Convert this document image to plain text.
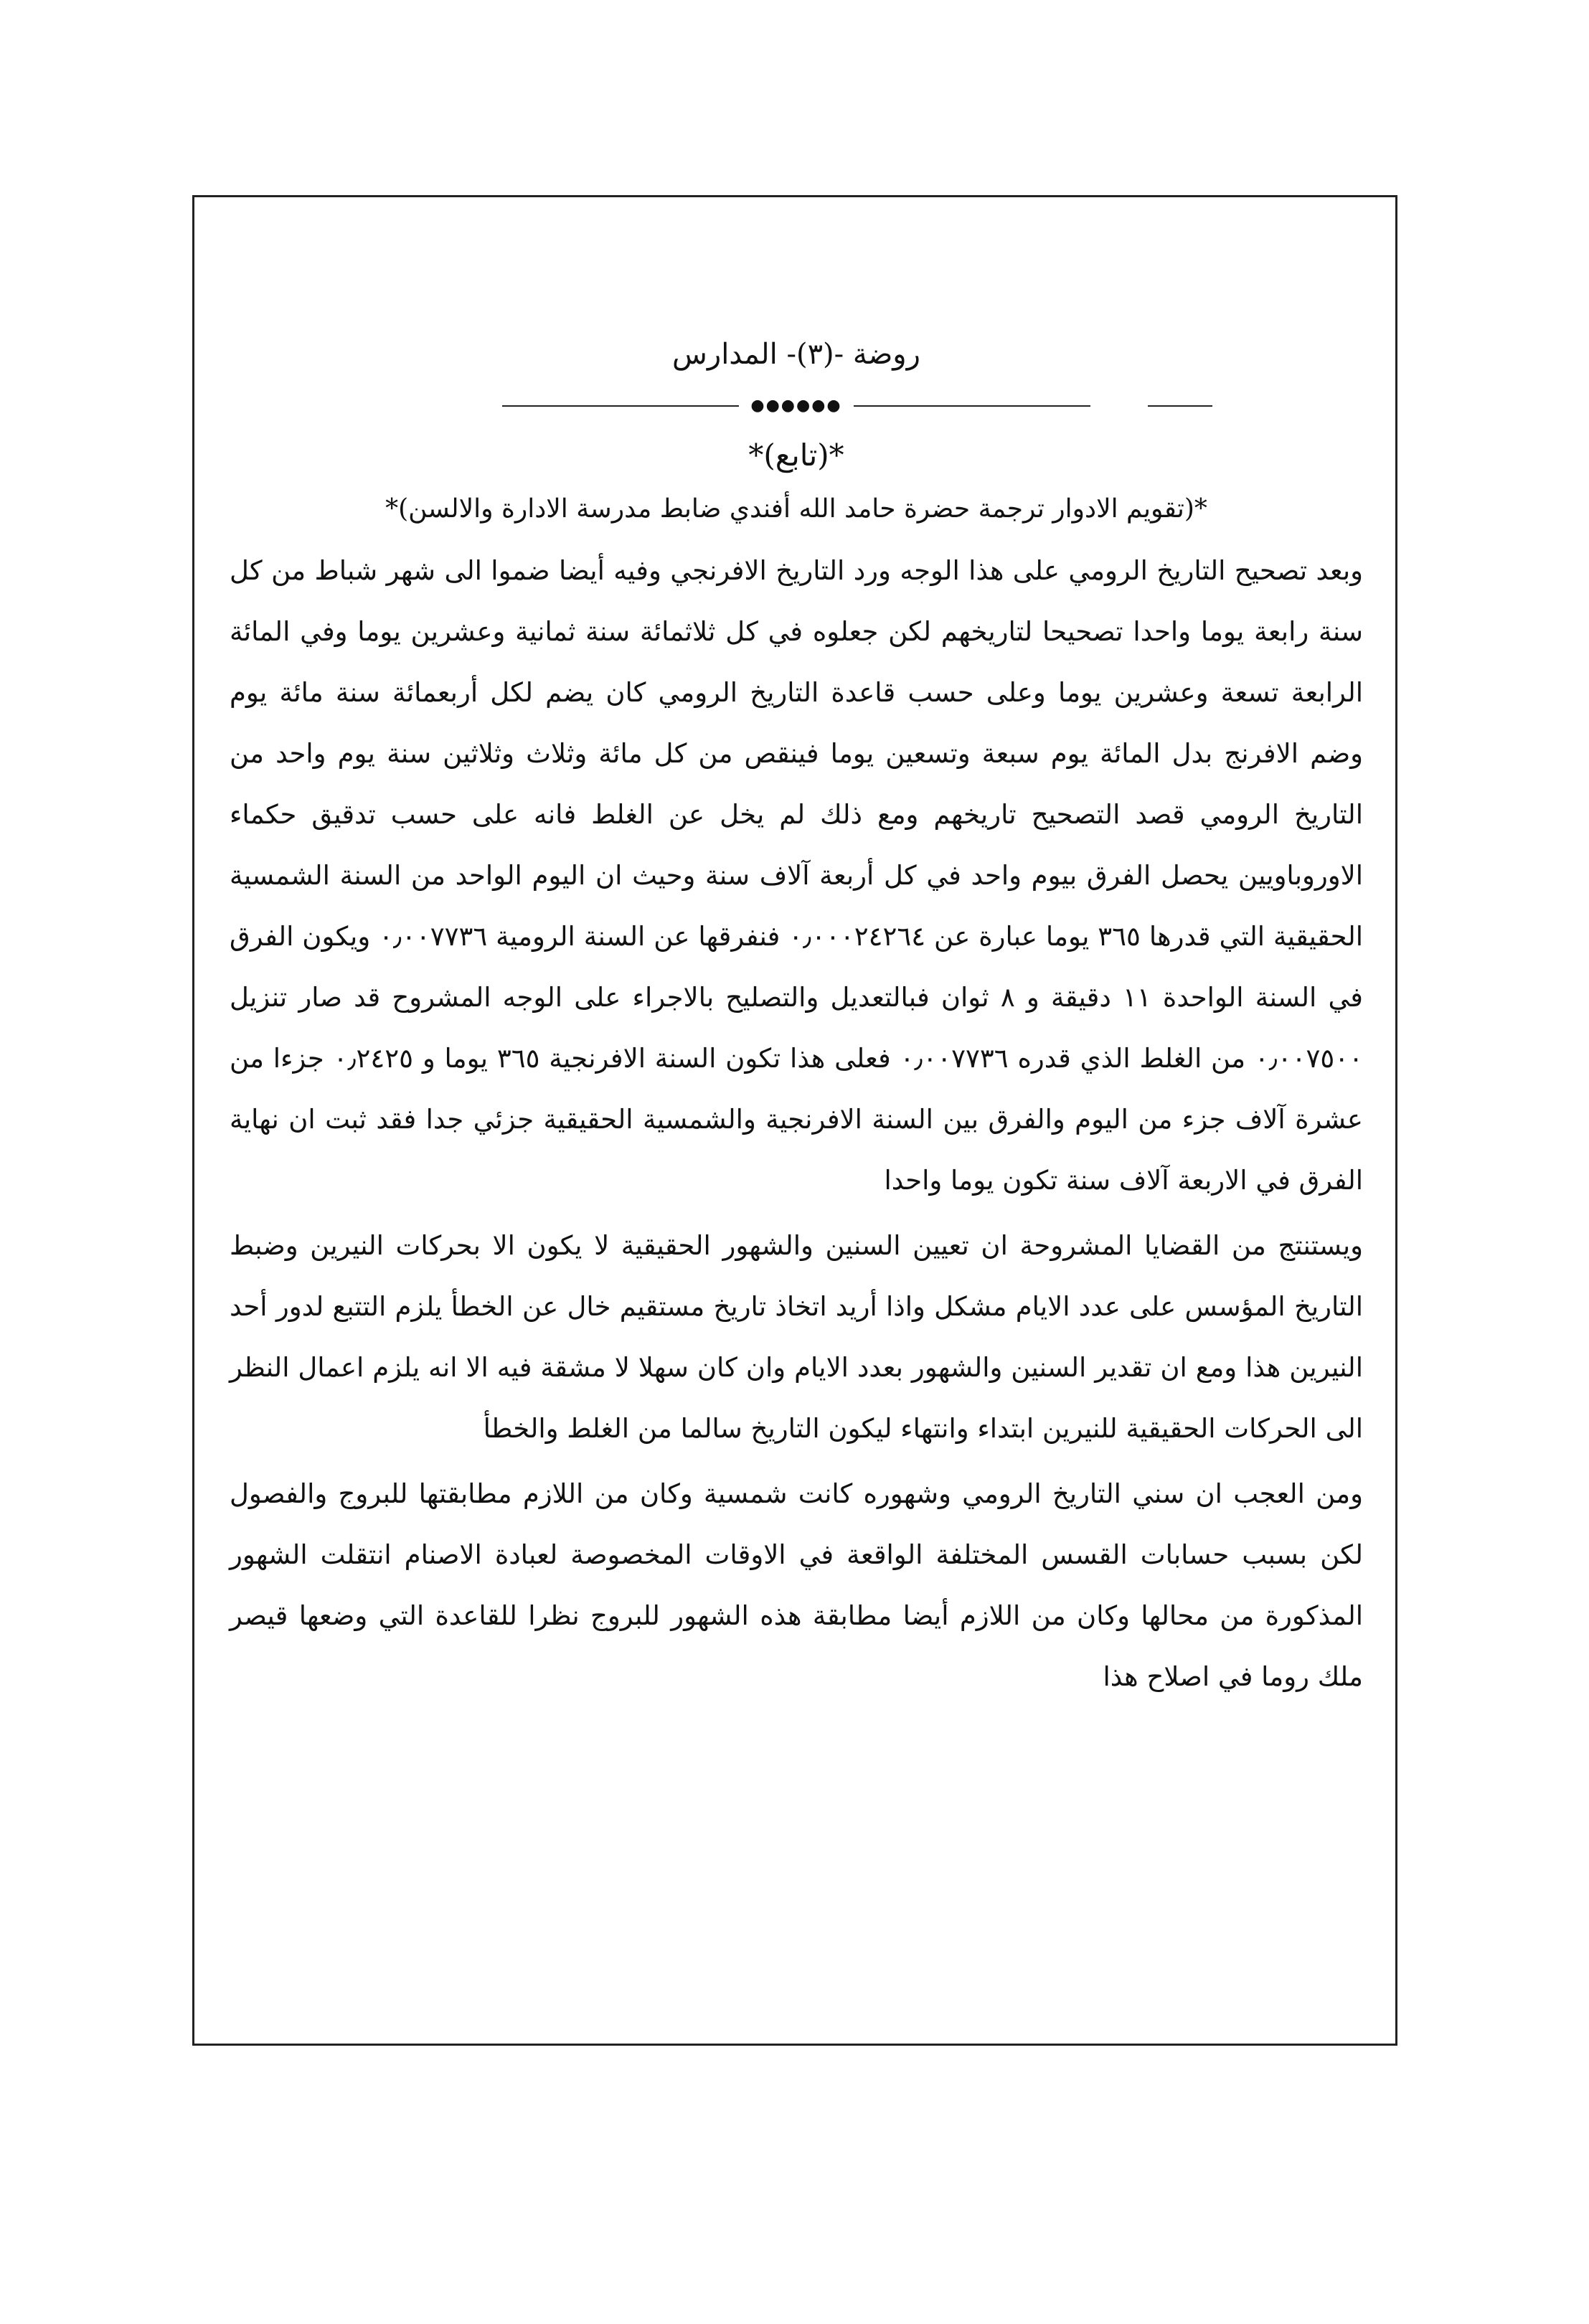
روضة -(٣)- المدارس
●●●●●●
*(تابع)*
*(تقويم الادوار ترجمة حضرة حامد الله أفندي ضابط مدرسة الادارة والالسن)*

وبعد تصحيح التاريخ الرومي على هذا الوجه ورد التاريخ الافرنجي وفيه أيضا ضموا الى شهر شباط من كل سنة رابعة يوما واحدا تصحيحا لتاريخهم لكن جعلوه في كل ثلاثمائة سنة ثمانية وعشرين يوما وفي المائة الرابعة تسعة وعشرين يوما وعلى حسب قاعدة التاريخ الرومي كان يضم لكل أربعمائة سنة مائة يوم وضم الافرنج بدل المائة يوم سبعة وتسعين يوما فينقص من كل مائة وثلاث وثلاثين سنة يوم واحد من التاريخ الرومي قصد التصحيح تاريخهم ومع ذلك لم يخل عن الغلط فانه على حسب تدقيق حكماء الاوروباويين يحصل الفرق بيوم واحد في كل أربعة آلاف سنة وحيث ان اليوم الواحد من السنة الشمسية الحقيقية التي قدرها ٣٦٥ يوما عبارة عن ٠٫٠٠٠٢٤٢٦٤ فنفرقها عن السنة الرومية ٠٫٠٠٧٧٣٦ ويكون الفرق في السنة الواحدة ١١ دقيقة و ٨ ثوان فبالتعديل والتصليح بالاجراء على الوجه المشروح قد صار تنزيل ٠٫٠٠٧٥٠٠ من الغلط الذي قدره ٠٫٠٠٧٧٣٦ فعلى هذا تكون السنة الافرنجية ٣٦٥ يوما و ٠٫٢٤٢٥ جزءا من عشرة آلاف جزء من اليوم والفرق بين السنة الافرنجية والشمسية الحقيقية جزئي جدا فقد ثبت ان نهاية الفرق في الاربعة آلاف سنة تكون يوما واحدا

ويستنتج من القضايا المشروحة ان تعيين السنين والشهور الحقيقية لا يكون الا بحركات النيرين وضبط التاريخ المؤسس على عدد الايام مشكل واذا أريد اتخاذ تاريخ مستقيم خال عن الخطأ يلزم التتبع لدور أحد النيرين هذا ومع ان تقدير السنين والشهور بعدد الايام وان كان سهلا لا مشقة فيه الا انه يلزم اعمال النظر الى الحركات الحقيقية للنيرين ابتداء وانتهاء ليكون التاريخ سالما من الغلط والخطأ

ومن العجب ان سني التاريخ الرومي وشهوره كانت شمسية وكان من اللازم مطابقتها للبروج والفصول لكن بسبب حسابات القسس المختلفة الواقعة في الاوقات المخصوصة لعبادة الاصنام انتقلت الشهور المذكورة من محالها وكان من اللازم أيضا مطابقة هذه الشهور للبروج نظرا للقاعدة التي وضعها قيصر ملك روما في اصلاح هذا
